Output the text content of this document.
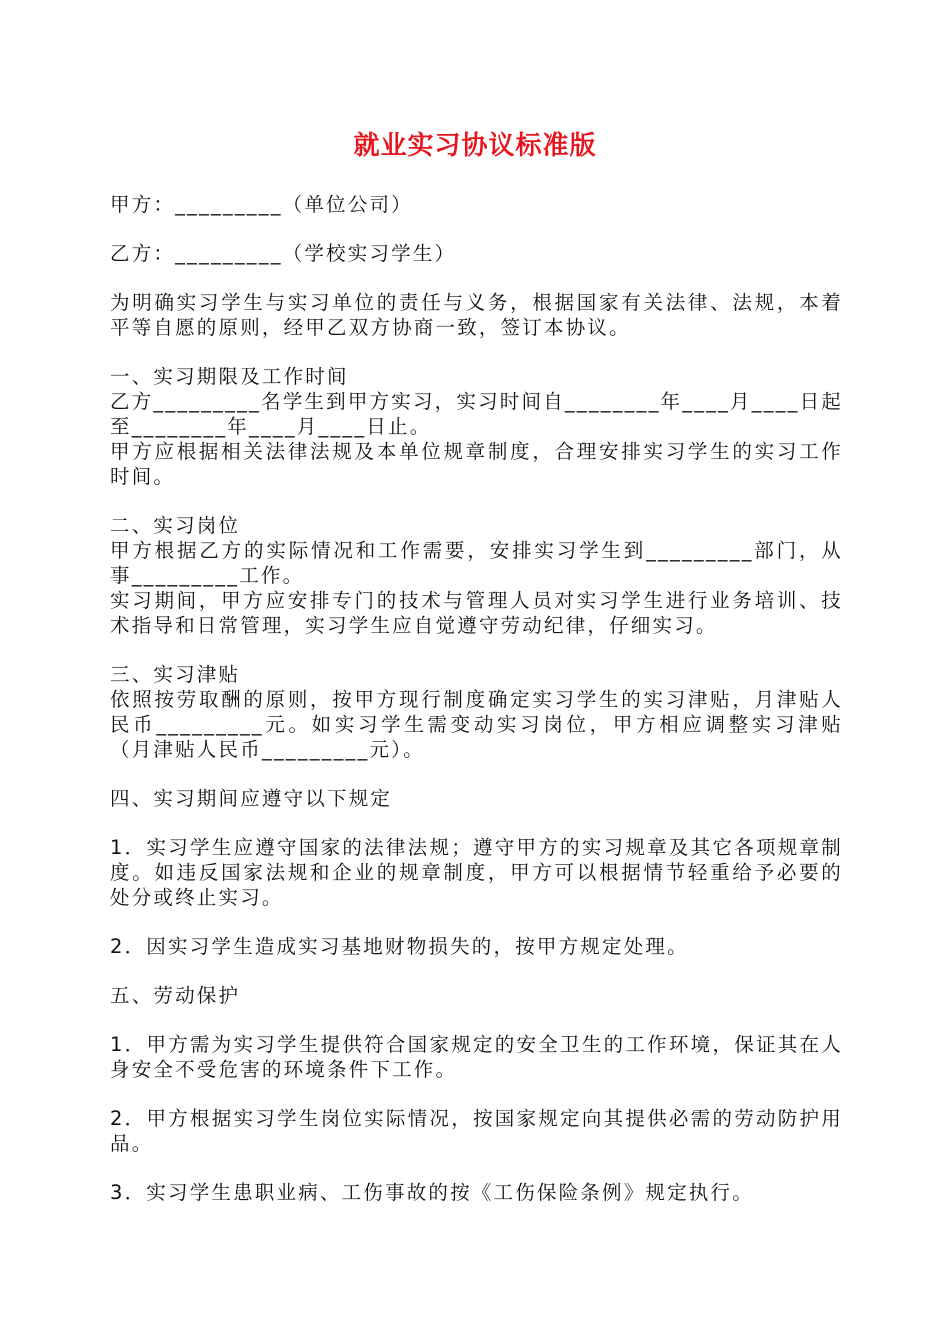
就业实习协议标准版

甲方：_________（单位公司）

乙方：_________（学校实习学生）

为明确实习学生与实习单位的责任与义务，根据国家有关法律、法规，本着平等自愿的原则，经甲乙双方协商一致，签订本协议。

一、实习期限及工作时间

乙方_________名学生到甲方实习，实习时间自________年____月____日起至________年____月____日止。

甲方应根据相关法律法规及本单位规章制度，合理安排实习学生的实习工作时间。

二、实习岗位

甲方根据乙方的实际情况和工作需要，安排实习学生到_________部门，从事_________工作。

实习期间，甲方应安排专门的技术与管理人员对实习学生进行业务培训、技术指导和日常管理，实习学生应自觉遵守劳动纪律，仔细实习。

三、实习津贴

依照按劳取酬的原则，按甲方现行制度确定实习学生的实习津贴，月津贴人民币_________元。如实习学生需变动实习岗位，甲方相应调整实习津贴（月津贴人民币_________元）。

四、实习期间应遵守以下规定

1．实习学生应遵守国家的法律法规；遵守甲方的实习规章及其它各项规章制度。如违反国家法规和企业的规章制度，甲方可以根据情节轻重给予必要的处分或终止实习。

2．因实习学生造成实习基地财物损失的，按甲方规定处理。

五、劳动保护

1．甲方需为实习学生提供符合国家规定的安全卫生的工作环境，保证其在人身安全不受危害的环境条件下工作。

2．甲方根据实习学生岗位实际情况，按国家规定向其提供必需的劳动防护用品。

3．实习学生患职业病、工伤事故的按《工伤保险条例》规定执行。
